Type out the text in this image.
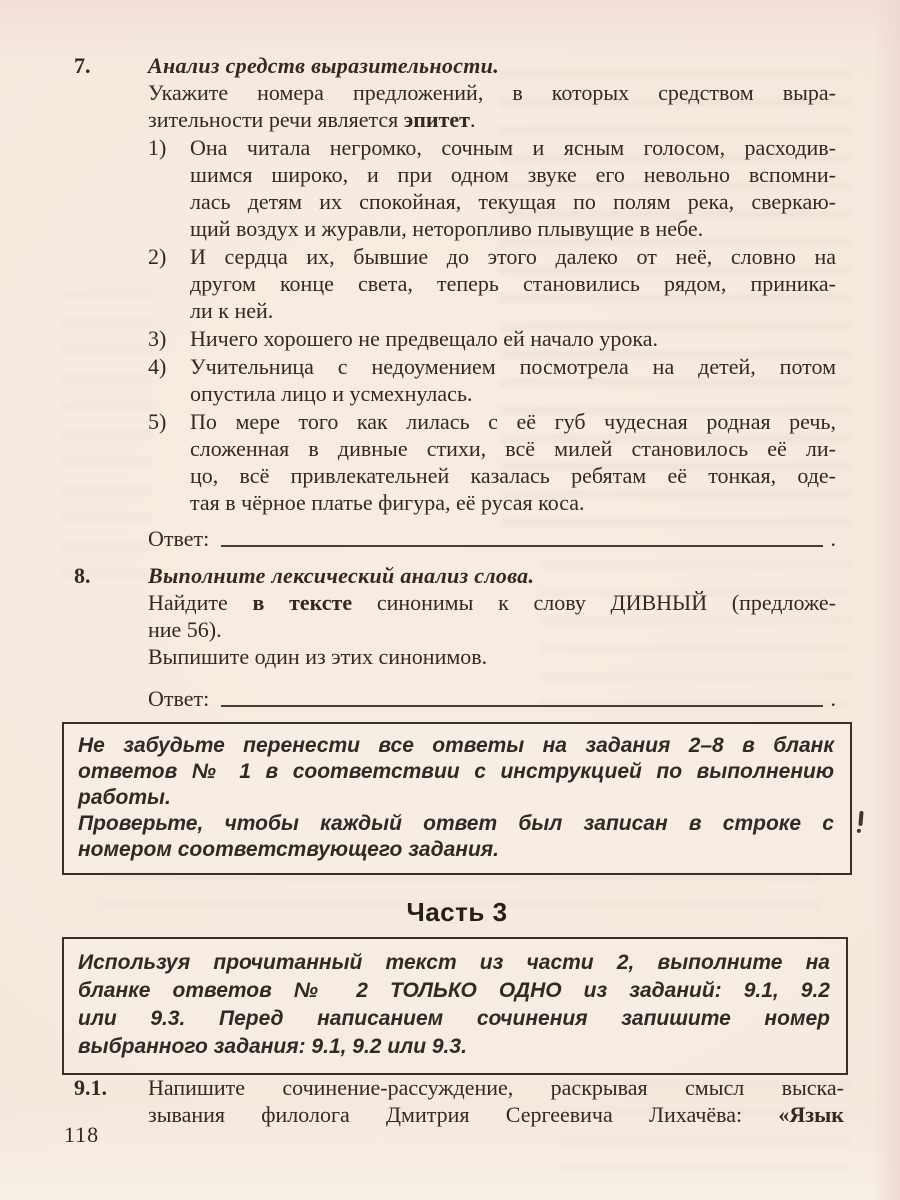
7.	Анализ средств выразительности.
Укажите номера предложений, в которых средством выра-
зительности речи является эпитет.
1)	Она читала негромко, сочным и ясным голосом, расходив-
шимся широко, и при одном звуке его невольно вспомни-
лась детям их спокойная, текущая по полям река, сверкаю-
щий воздух и журавли, неторопливо плывущие в небе.
2)	И сердца их, бывшие до этого далеко от неё, словно на
другом конце света, теперь становились рядом, приника-
ли к ней.
3)	Ничего хорошего не предвещало ей начало урока.
4)	Учительница с недоумением посмотрела на детей, потом
опустила лицо и усмехнулась.
5)	По мере того как лилась с её губ чудесная родная речь,
сложенная в дивные стихи, всё милей становилось её ли-
цо, всё привлекательней казалась ребятам её тонкая, оде-
тая в чёрное платье фигура, её русая коса.
Ответ:	.
8.	Выполните лексический анализ слова.
Найдите в тексте синонимы к слову ДИВНЫЙ (предложе-
ние 56).
Выпишите один из этих синонимов.
Ответ:	.
Не забудьте перенести все ответы на задания 2–8 в бланк
ответов № 1 в соответствии с инструкцией по выполнению
работы.
Проверьте, чтобы каждый ответ был записан в строке с
номером соответствующего задания.
Часть 3
Используя прочитанный текст из части 2, выполните на
бланке ответов № 2 ТОЛЬКО ОДНО из заданий: 9.1, 9.2
или 9.3. Перед написанием сочинения запишите номер
выбранного задания: 9.1, 9.2 или 9.3.
9.1.	Напишите сочинение-рассуждение, раскрывая смысл выска-
зывания филолога Дмитрия Сергеевича Лихачёва: «Язык
118
